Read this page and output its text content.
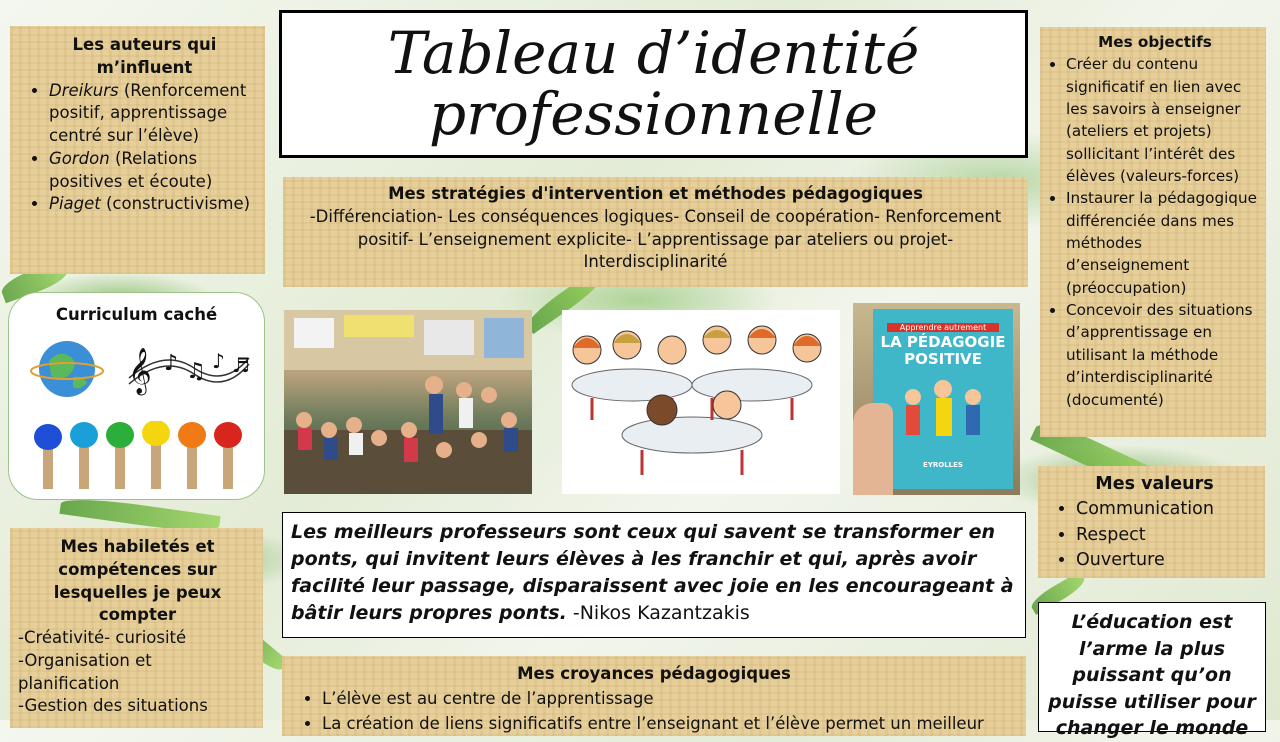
Tableau d’identité
professionnelle
Les auteurs qui m’influent
• Dreikurs (Renforcement positif, apprentissage centré sur l’élève)
• Gordon (Relations positives et écoute)
• Piaget (constructivisme)
Curriculum caché
𝄞 ♪ ♫ ♪ ♬
Mes habiletés et compétences sur lesquelles je peux compter
-Créativité- curiosité
-Organisation et planification
-Gestion des situations
Mes stratégies d'intervention et méthodes pédagogiques
-Différenciation- Les conséquences logiques- Conseil de coopération- Renforcement positif- L’enseignement explicite- L’apprentissage par ateliers ou projet- Interdisciplinarité
Apprendre autrement
LA PÉDAGOGIE
POSITIVE
EYROLLES
Mes objectifs
• Créer du contenu significatif en lien avec les savoirs à enseigner (ateliers et projets) sollicitant l’intérêt des élèves (valeurs-forces)
• Instaurer la pédagogique différenciée dans mes méthodes d’enseignement (préoccupation)
• Concevoir des situations d’apprentissage en utilisant la méthode d’interdisciplinarité (documenté)
Mes valeurs
• Communication
• Respect
• Ouverture
Les meilleurs professeurs sont ceux qui savent se transformer en ponts, qui invitent leurs élèves à les franchir et qui, après avoir facilité leur passage, disparaissent avec joie en les encourageant à bâtir leurs propres ponts. -Nikos Kazantzakis	L’éducation est l’arme la plus puissant qu’on puisse utiliser pour changer le monde
Mes croyances pédagogiques
• L’élève est au centre de l’apprentissage
• La création de liens significatifs entre l’enseignant et l’élève permet un meilleur
